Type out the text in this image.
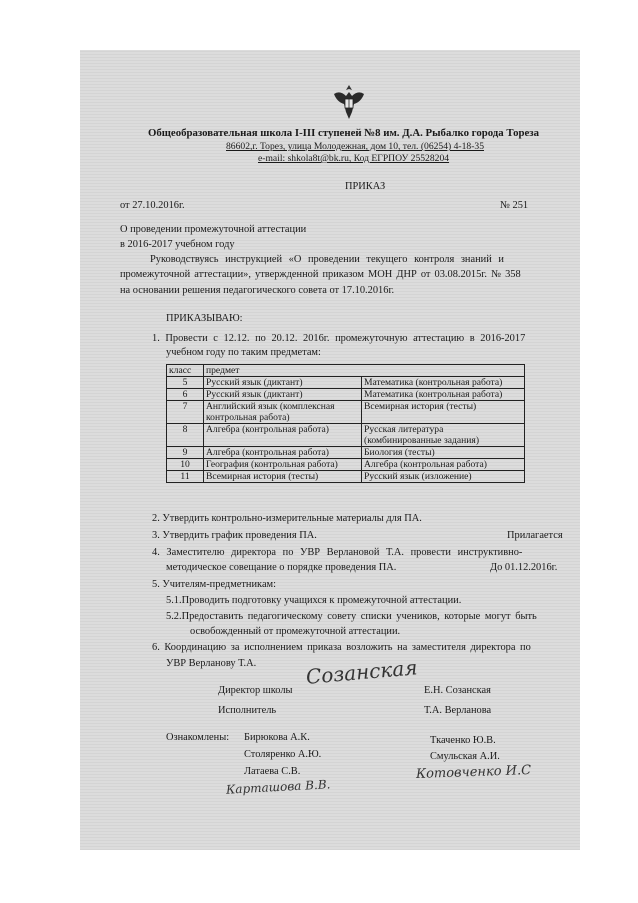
Общеобразовательная школа I-III ступеней №8 им. Д.А. Рыбалко города Тореза
86602,г. Торез, улица Молодежная, дом 10, тел. (06254) 4-18-35
e-mail: shkola8t@bk.ru, Код ЕГРПОУ 25528204
ПРИКАЗ
от 27.10.2016г.	№ 251
О проведении промежуточной аттестации
в 2016-2017 учебном году
Руководствуясь инструкцией «О проведении текущего контроля знаний и
промежуточной аттестации», утвержденной приказом МОН ДНР от 03.08.2015г. № 358
на основании решения педагогического совета от 17.10.2016г.
ПРИКАЗЫВАЮ:
1. Провести с 12.12. по 20.12. 2016г. промежуточную аттестацию в 2016-2017
учебном году по таким предметам:
класс	предмет	
5	Русский язык (диктант)	Математика (контрольная работа)
6	Русский язык (диктант)	Математика (контрольная работа)
7	Английский язык (комплексная
контрольная работа)	Всемирная история (тесты)
8	Алгебра (контрольная работа)	Русская литература
(комбинированные задания)

9	Алгебра (контрольная работа)	Биология (тесты)
10	География (контрольная работа)	Алгебра (контрольная работа)
11	Всемирная история (тесты)	Русский язык (изложение)
2. Утвердить контрольно-измерительные материалы для ПА.
3. Утвердить график проведения ПА.	Прилагается
4. Заместителю директора по УВР Верлановой Т.А. провести инструктивно-
методическое совещание о порядке проведения ПА.	До 01.12.2016г.
5. Учителям-предметникам:
5.1.Проводить подготовку учащихся к промежуточной аттестации.
5.2.Предоставить педагогическому совету списки учеников, которые могут быть
освобожденный от промежуточной аттестации.
6. Координацию за исполнением приказа возложить на заместителя директора по
УВР Верланову Т.А.
Директор школы
Созанская
Е.Н. Созанская
Исполнитель	Т.А. Верланова
Ознакомлены: Бирюкова А.К.
Столяренко А.Ю.
Латаева С.В.
Карташова В.В.
Ткаченко Ю.В.
Смульская А.И.
Котовченко И.С
